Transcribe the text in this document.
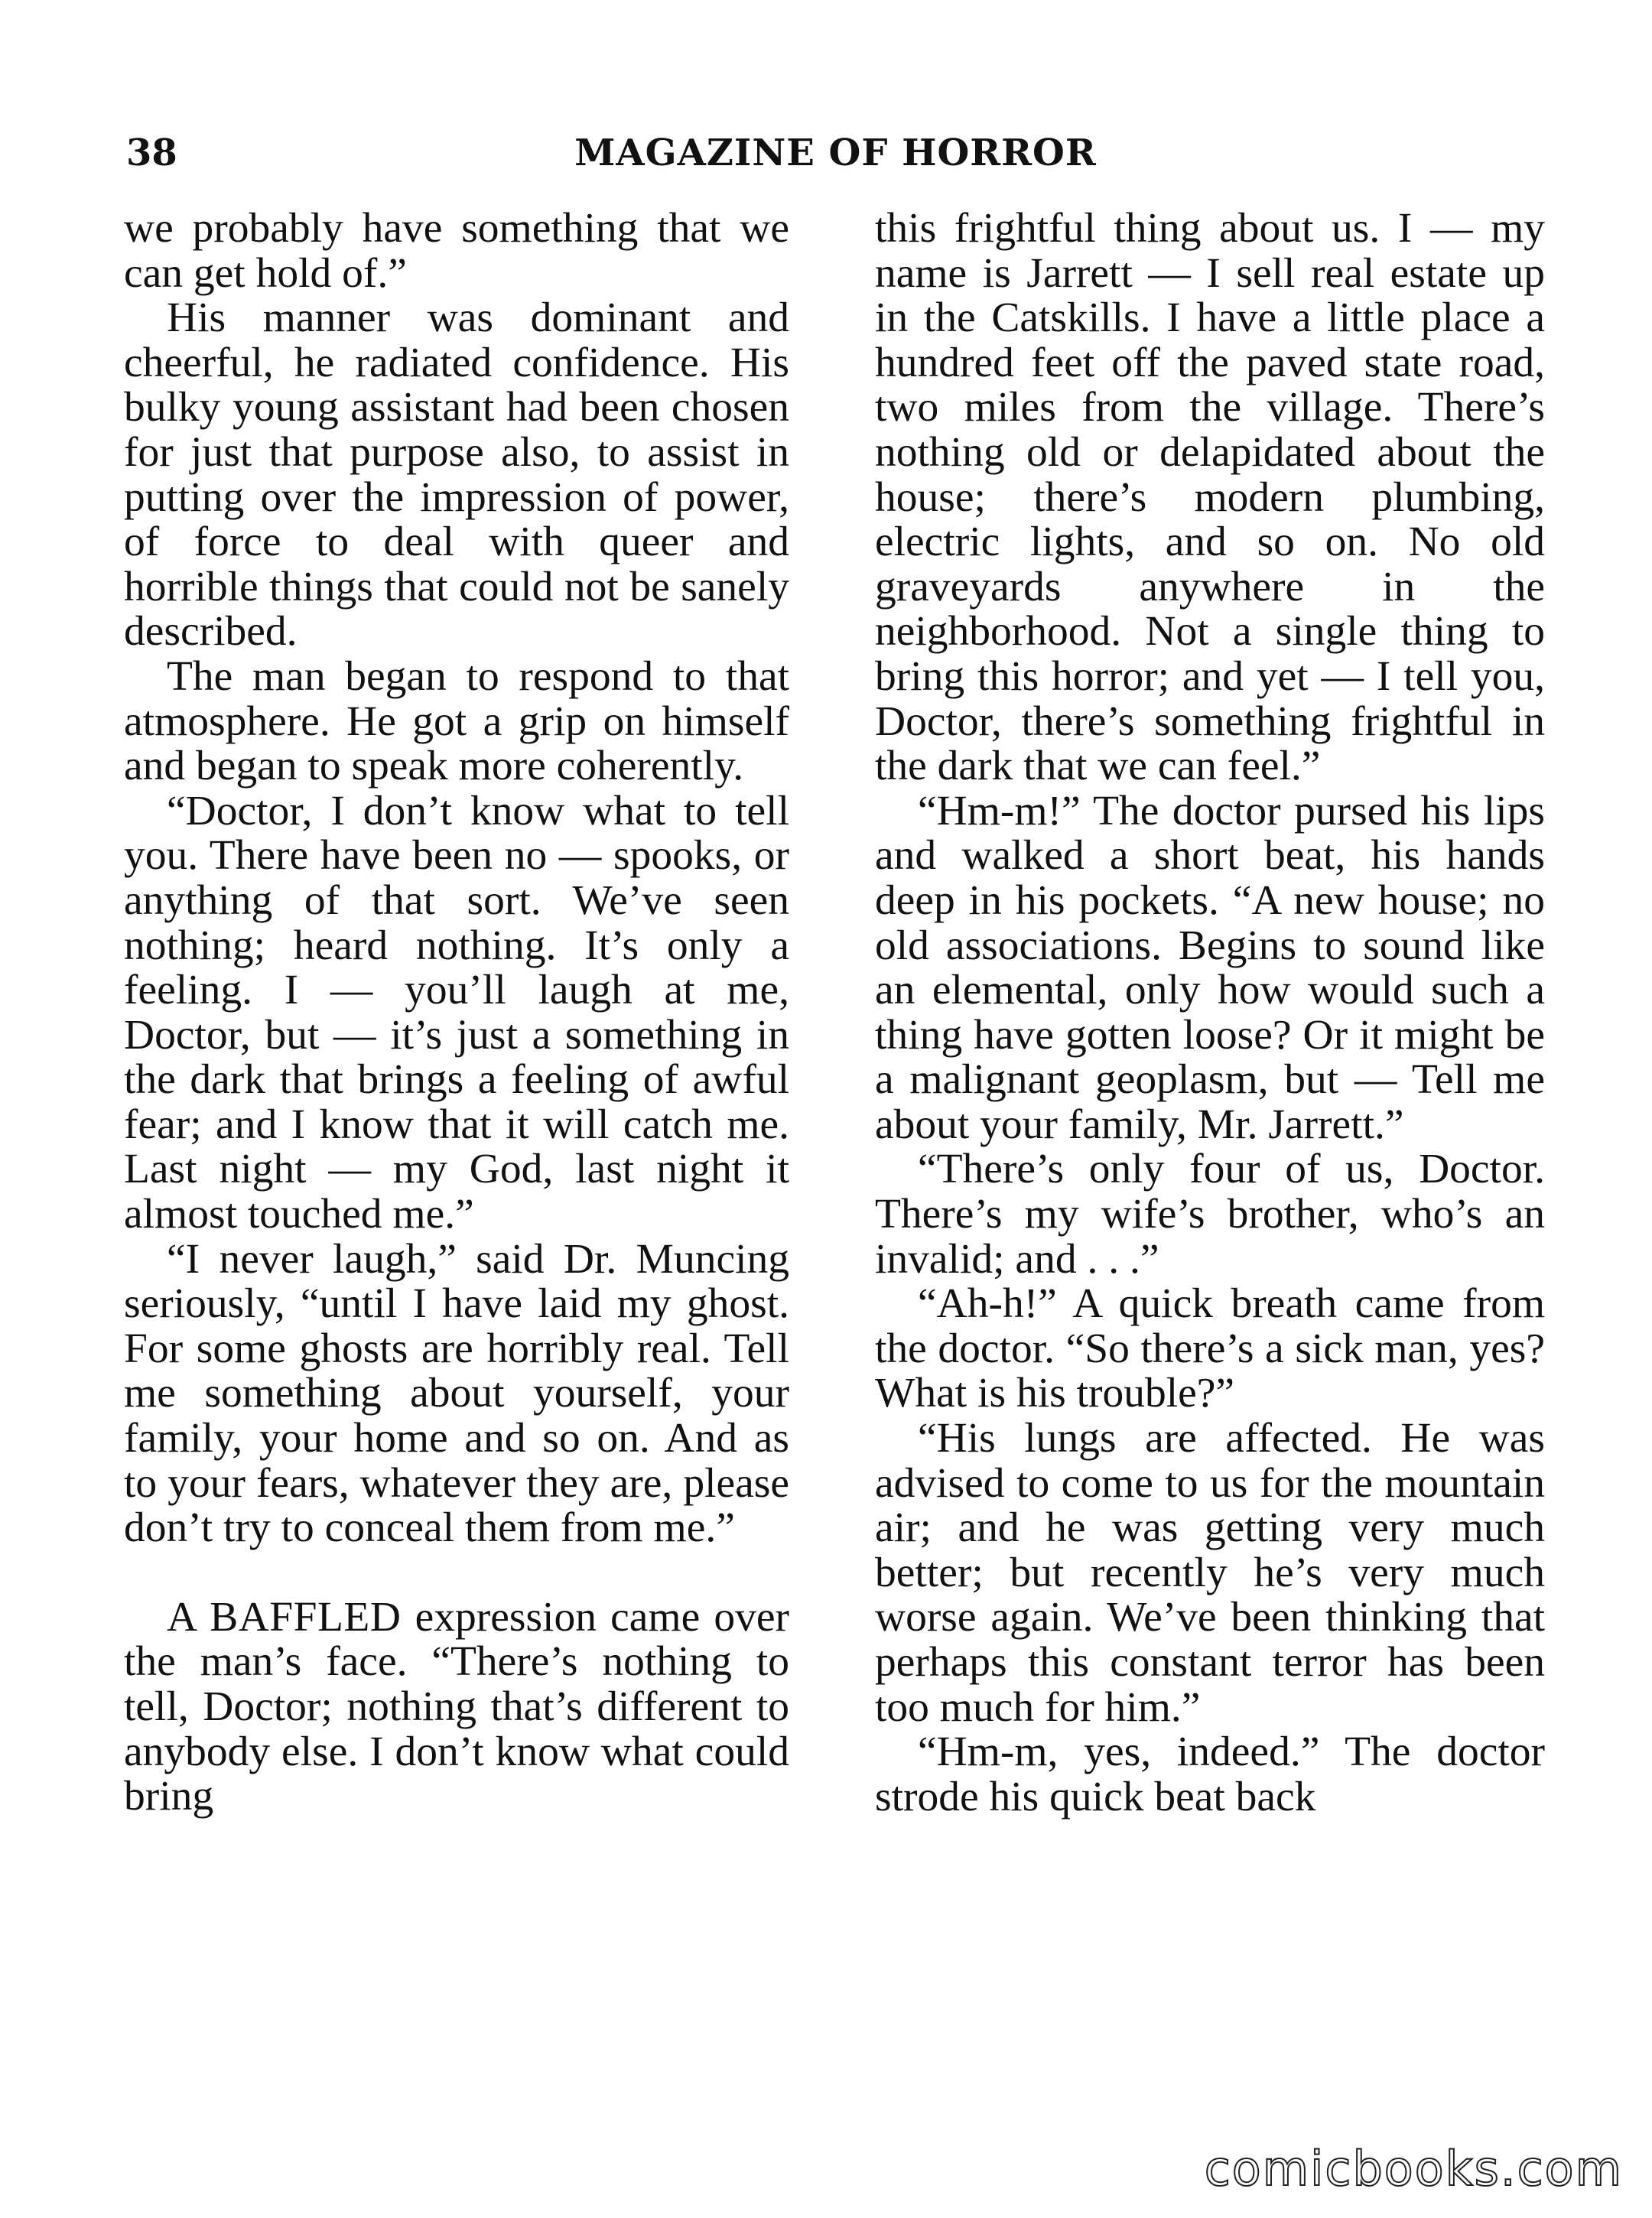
38	MAGAZINE OF HORROR

we probably have something that we can get hold of.”

His manner was dominant and cheerful, he radiated confidence. His bulky young assistant had been chosen for just that purpose also, to assist in putting over the impression of power, of force to deal with queer and horrible things that could not be sanely described.

The man began to respond to that atmosphere. He got a grip on himself and began to speak more coherently.

“Doctor, I don’t know what to tell you. There have been no — spooks, or anything of that sort. We’ve seen nothing; heard nothing. It’s only a feeling. I — you’ll laugh at me, Doctor, but — it’s just a something in the dark that brings a feeling of awful fear; and I know that it will catch me. Last night — my God, last night it almost touched me.”

“I never laugh,” said Dr. Muncing seriously, “until I have laid my ghost. For some ghosts are horribly real. Tell me something about yourself, your family, your home and so on. And as to your fears, whatever they are, please don’t try to conceal them from me.”

A BAFFLED expression came over the man’s face. “There’s nothing to tell, Doctor; nothing that’s different to anybody else. I don’t know what could bring

this frightful thing about us. I — my name is Jarrett — I sell real estate up in the Catskills. I have a little place a hundred feet off the paved state road, two miles from the village. There’s nothing old or delapidated about the house; there’s modern plumbing, electric lights, and so on. No old graveyards anywhere in the neighborhood. Not a single thing to bring this horror; and yet — I tell you, Doctor, there’s something frightful in the dark that we can feel.”

“Hm-m!” The doctor pursed his lips and walked a short beat, his hands deep in his pockets. “A new house; no old associations. Begins to sound like an elemental, only how would such a thing have gotten loose? Or it might be a malignant geoplasm, but — Tell me about your family, Mr. Jarrett.”

“There’s only four of us, Doctor. There’s my wife’s brother, who’s an invalid; and . . .”

“Ah-h!” A quick breath came from the doctor. “So there’s a sick man, yes? What is his trouble?”

“His lungs are affected. He was advised to come to us for the mountain air; and he was getting very much better; but recently he’s very much worse again. We’ve been thinking that perhaps this constant terror has been too much for him.”

“Hm-m, yes, indeed.” The doctor strode his quick beat back

comicbooks.com
